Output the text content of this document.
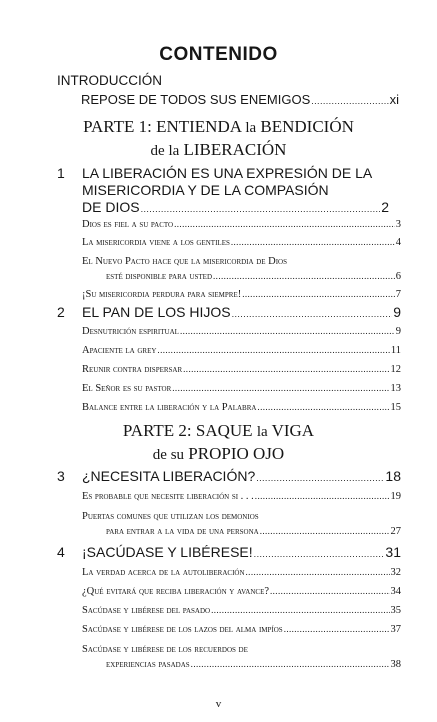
CONTENIDO
INTRODUCCIÓN
REPOSE DE TODOS SUS ENEMIGOS .....	xi
PARTE 1: ENTIENDA la BENDICIÓN
de la LIBERACIÓN
1 LA LIBERACIÓN ES UNA EXPRESIÓN DE LA
MISERICORDIA Y DE LA COMPASIÓN
DE DIOS .....	2
Dios es fiel a su pacto .....	3
La misericordia viene a los gentiles .....	4
El Nuevo Pacto hace que la misericordia de Dios
esté disponible para usted .....	6
¡Su misericordia perdura para siempre! .....	7
2 EL PAN DE LOS HIJOS .....	9
Desnutrición espiritual .....	9
Apaciente la grey .....	11
Reunir contra dispersar .....	12
El Señor es su pastor .....	13
Balance entre la liberación y la Palabra .....	15
PARTE 2: SAQUE la VIGA
de su PROPIO OJO
3 ¿NECESITA LIBERACIÓN? .....	18
Es probable que necesite liberación si . . . .....	19
Puertas comunes que utilizan los demonios
para entrar a la vida de una persona .....	27
4 ¡SACÚDASE Y LIBÉRESE! .....	31
La verdad acerca de la autoliberación .....	32
¿Qué evitará que reciba liberación y avance? .....	34
Sacúdase y libérese del pasado .....	35
Sacúdase y libérese de los lazos del alma impíos .....	37
Sacúdase y libérese de los recuerdos de
experiencias pasadas .....	38
v
